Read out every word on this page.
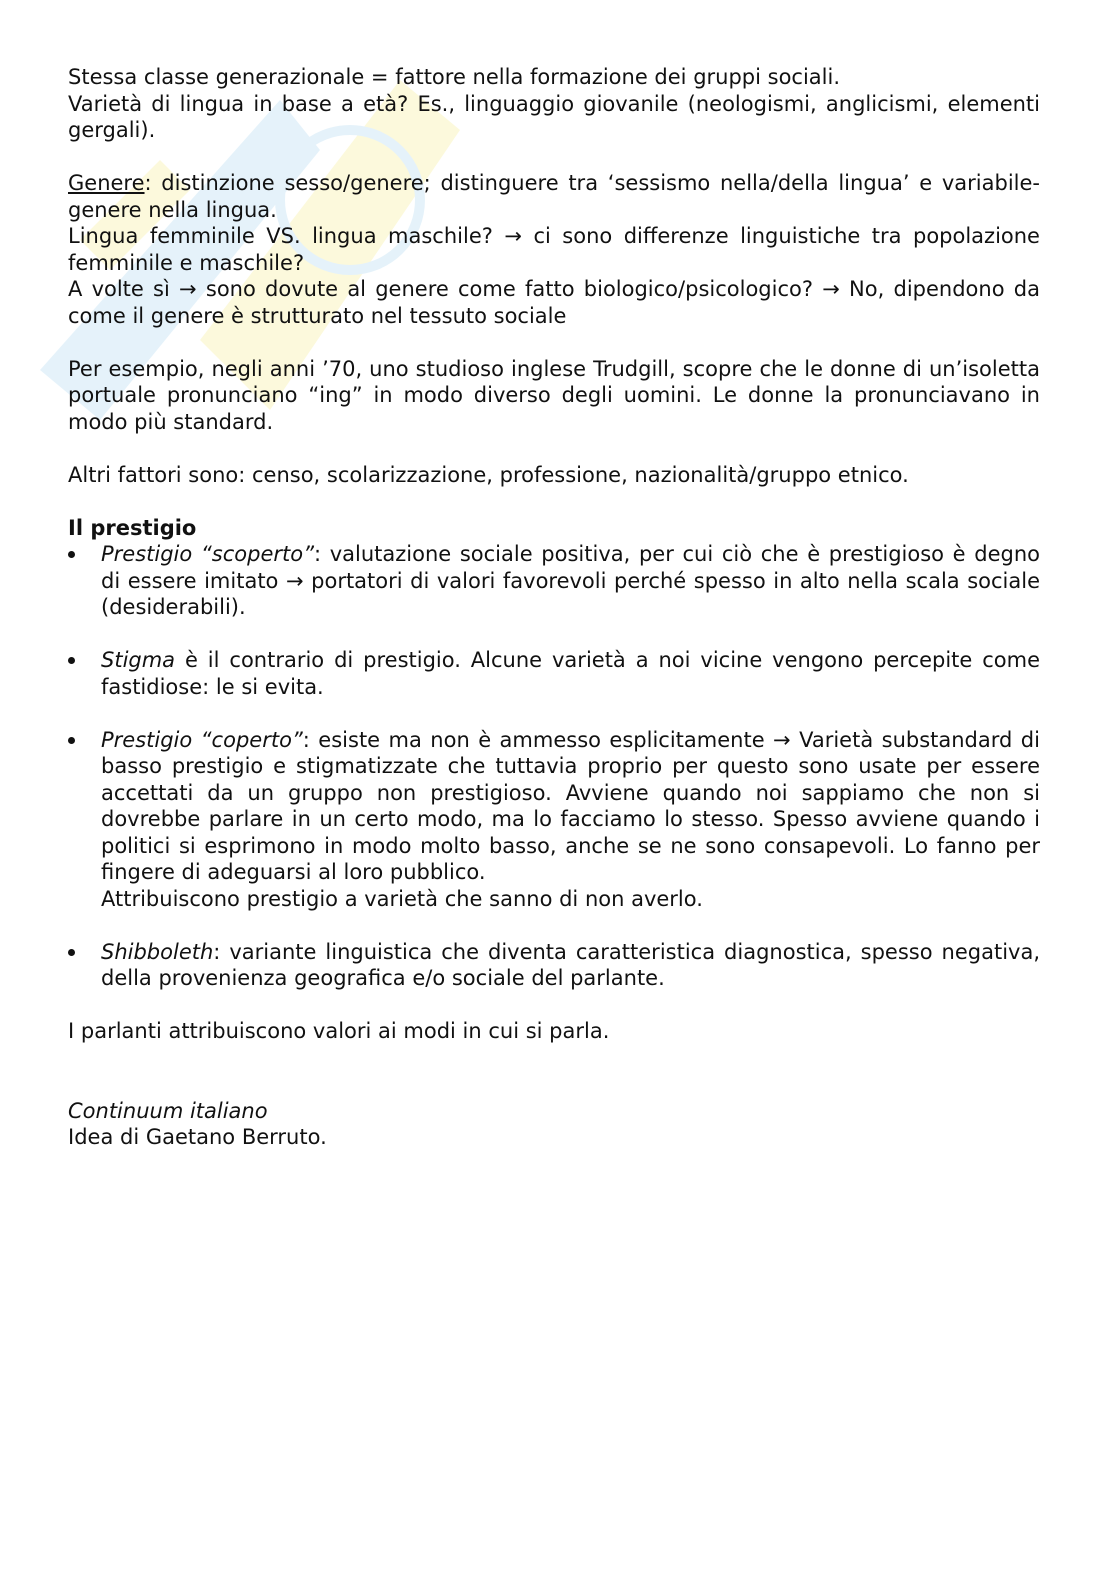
Stessa classe generazionale = fattore nella formazione dei gruppi sociali.

Varietà di lingua in base a età? Es., linguaggio giovanile (neologismi, anglicismi, elementi gergali).

Genere: distinzione sesso/genere; distinguere tra ‘sessismo nella/della lingua’ e variabile-genere nella lingua.

Lingua femminile VS. lingua maschile? → ci sono differenze linguistiche tra popolazione femminile e maschile?

A volte sì → sono dovute al genere come fatto biologico/psicologico? → No, dipendono da come il genere è strutturato nel tessuto sociale

Per esempio, negli anni ’70, uno studioso inglese Trudgill, scopre che le donne di un’isoletta portuale pronunciano “ing” in modo diverso degli uomini. Le donne la pronunciavano in modo più standard.

Altri fattori sono: censo, scolarizzazione, professione, nazionalità/gruppo etnico.

Il prestigio

Prestigio “scoperto”: valutazione sociale positiva, per cui ciò che è prestigioso è degno di essere imitato → portatori di valori favorevoli perché spesso in alto nella scala sociale (desiderabili).
Stigma è il contrario di prestigio. Alcune varietà a noi vicine vengono percepite come fastidiose: le si evita.
Prestigio “coperto”: esiste ma non è ammesso esplicitamente → Varietà substandard di basso prestigio e stigmatizzate che tuttavia proprio per questo sono usate per essere accettati da un gruppo non prestigioso. Avviene quando noi sappiamo che non si dovrebbe parlare in un certo modo, ma lo facciamo lo stesso. Spesso avviene quando i politici si esprimono in modo molto basso, anche se ne sono consapevoli. Lo fanno per fingere di adeguarsi al loro pubblico.
Attribuiscono prestigio a varietà che sanno di non averlo.
Shibboleth: variante linguistica che diventa caratteristica diagnostica, spesso negativa, della provenienza geografica e/o sociale del parlante.

I parlanti attribuiscono valori ai modi in cui si parla.

Continuum italiano

Idea di Gaetano Berruto.
